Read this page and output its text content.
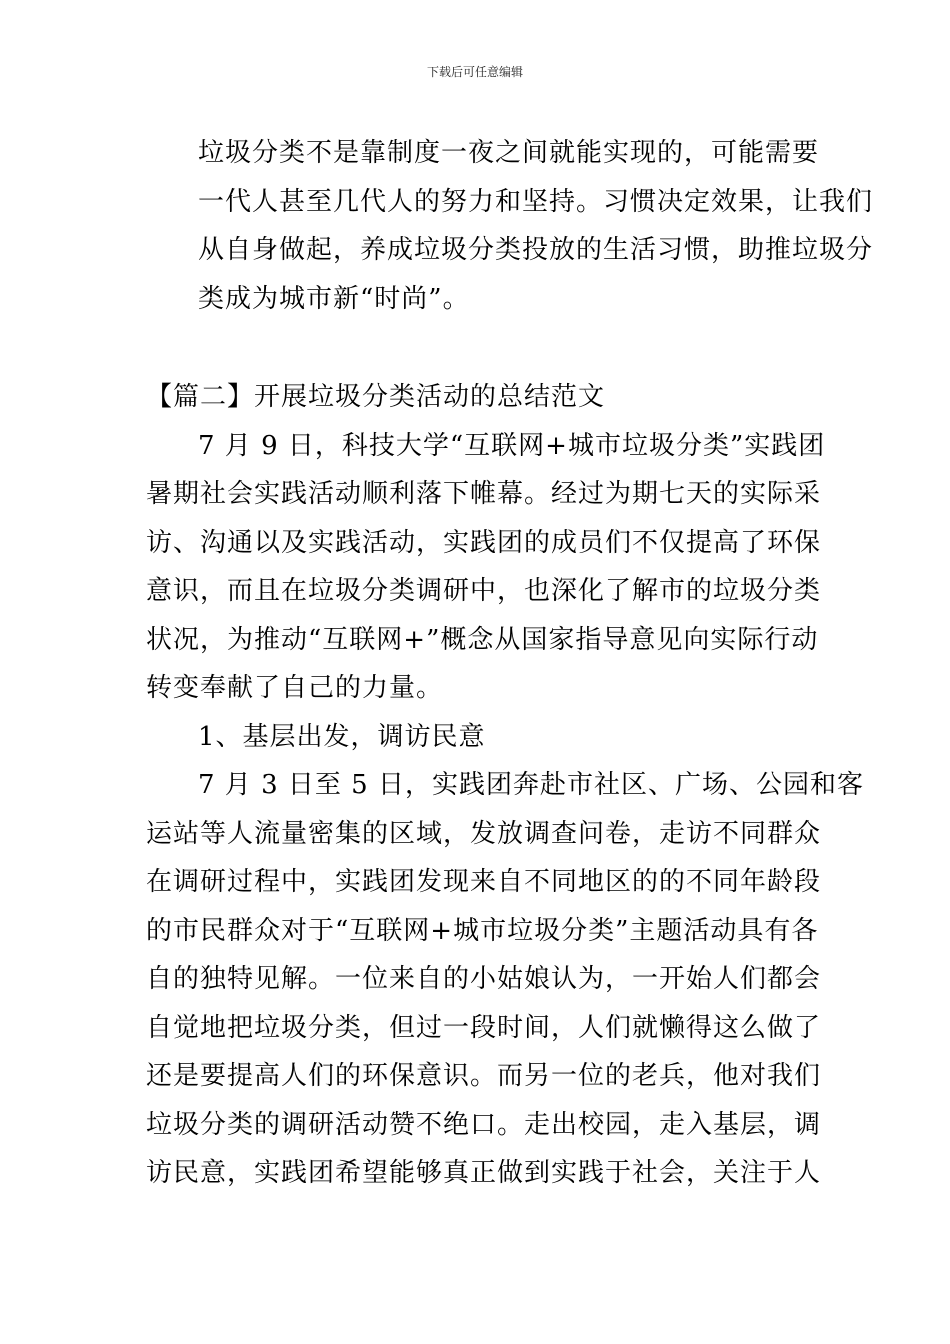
下载后可任意编辑

垃圾分类不是靠制度一夜之间就能实现的，可能需要
一代人甚至几代人的努力和坚持。习惯决定效果，让我们
从自身做起，养成垃圾分类投放的生活习惯，助推垃圾分
类成为城市新“时尚”。

【篇二】开展垃圾分类活动的总结范文

7 月 9 日，科技大学“互联网+城市垃圾分类”实践团
暑期社会实践活动顺利落下帷幕。经过为期七天的实际采
访、沟通以及实践活动，实践团的成员们不仅提高了环保
意识，而且在垃圾分类调研中，也深化了解市的垃圾分类
状况，为推动“互联网+”概念从国家指导意见向实际行动
转变奉献了自己的力量。

1、基层出发，调访民意

7 月 3 日至 5 日，实践团奔赴市社区、广场、公园和客
运站等人流量密集的区域，发放调查问卷，走访不同群众
在调研过程中，实践团发现来自不同地区的的不同年龄段
的市民群众对于“互联网+城市垃圾分类”主题活动具有各
自的独特见解。一位来自的小姑娘认为，一开始人们都会
自觉地把垃圾分类，但过一段时间，人们就懒得这么做了
还是要提高人们的环保意识。而另一位的老兵，他对我们
垃圾分类的调研活动赞不绝口。走出校园，走入基层，调
访民意，实践团希望能够真正做到实践于社会，关注于人
